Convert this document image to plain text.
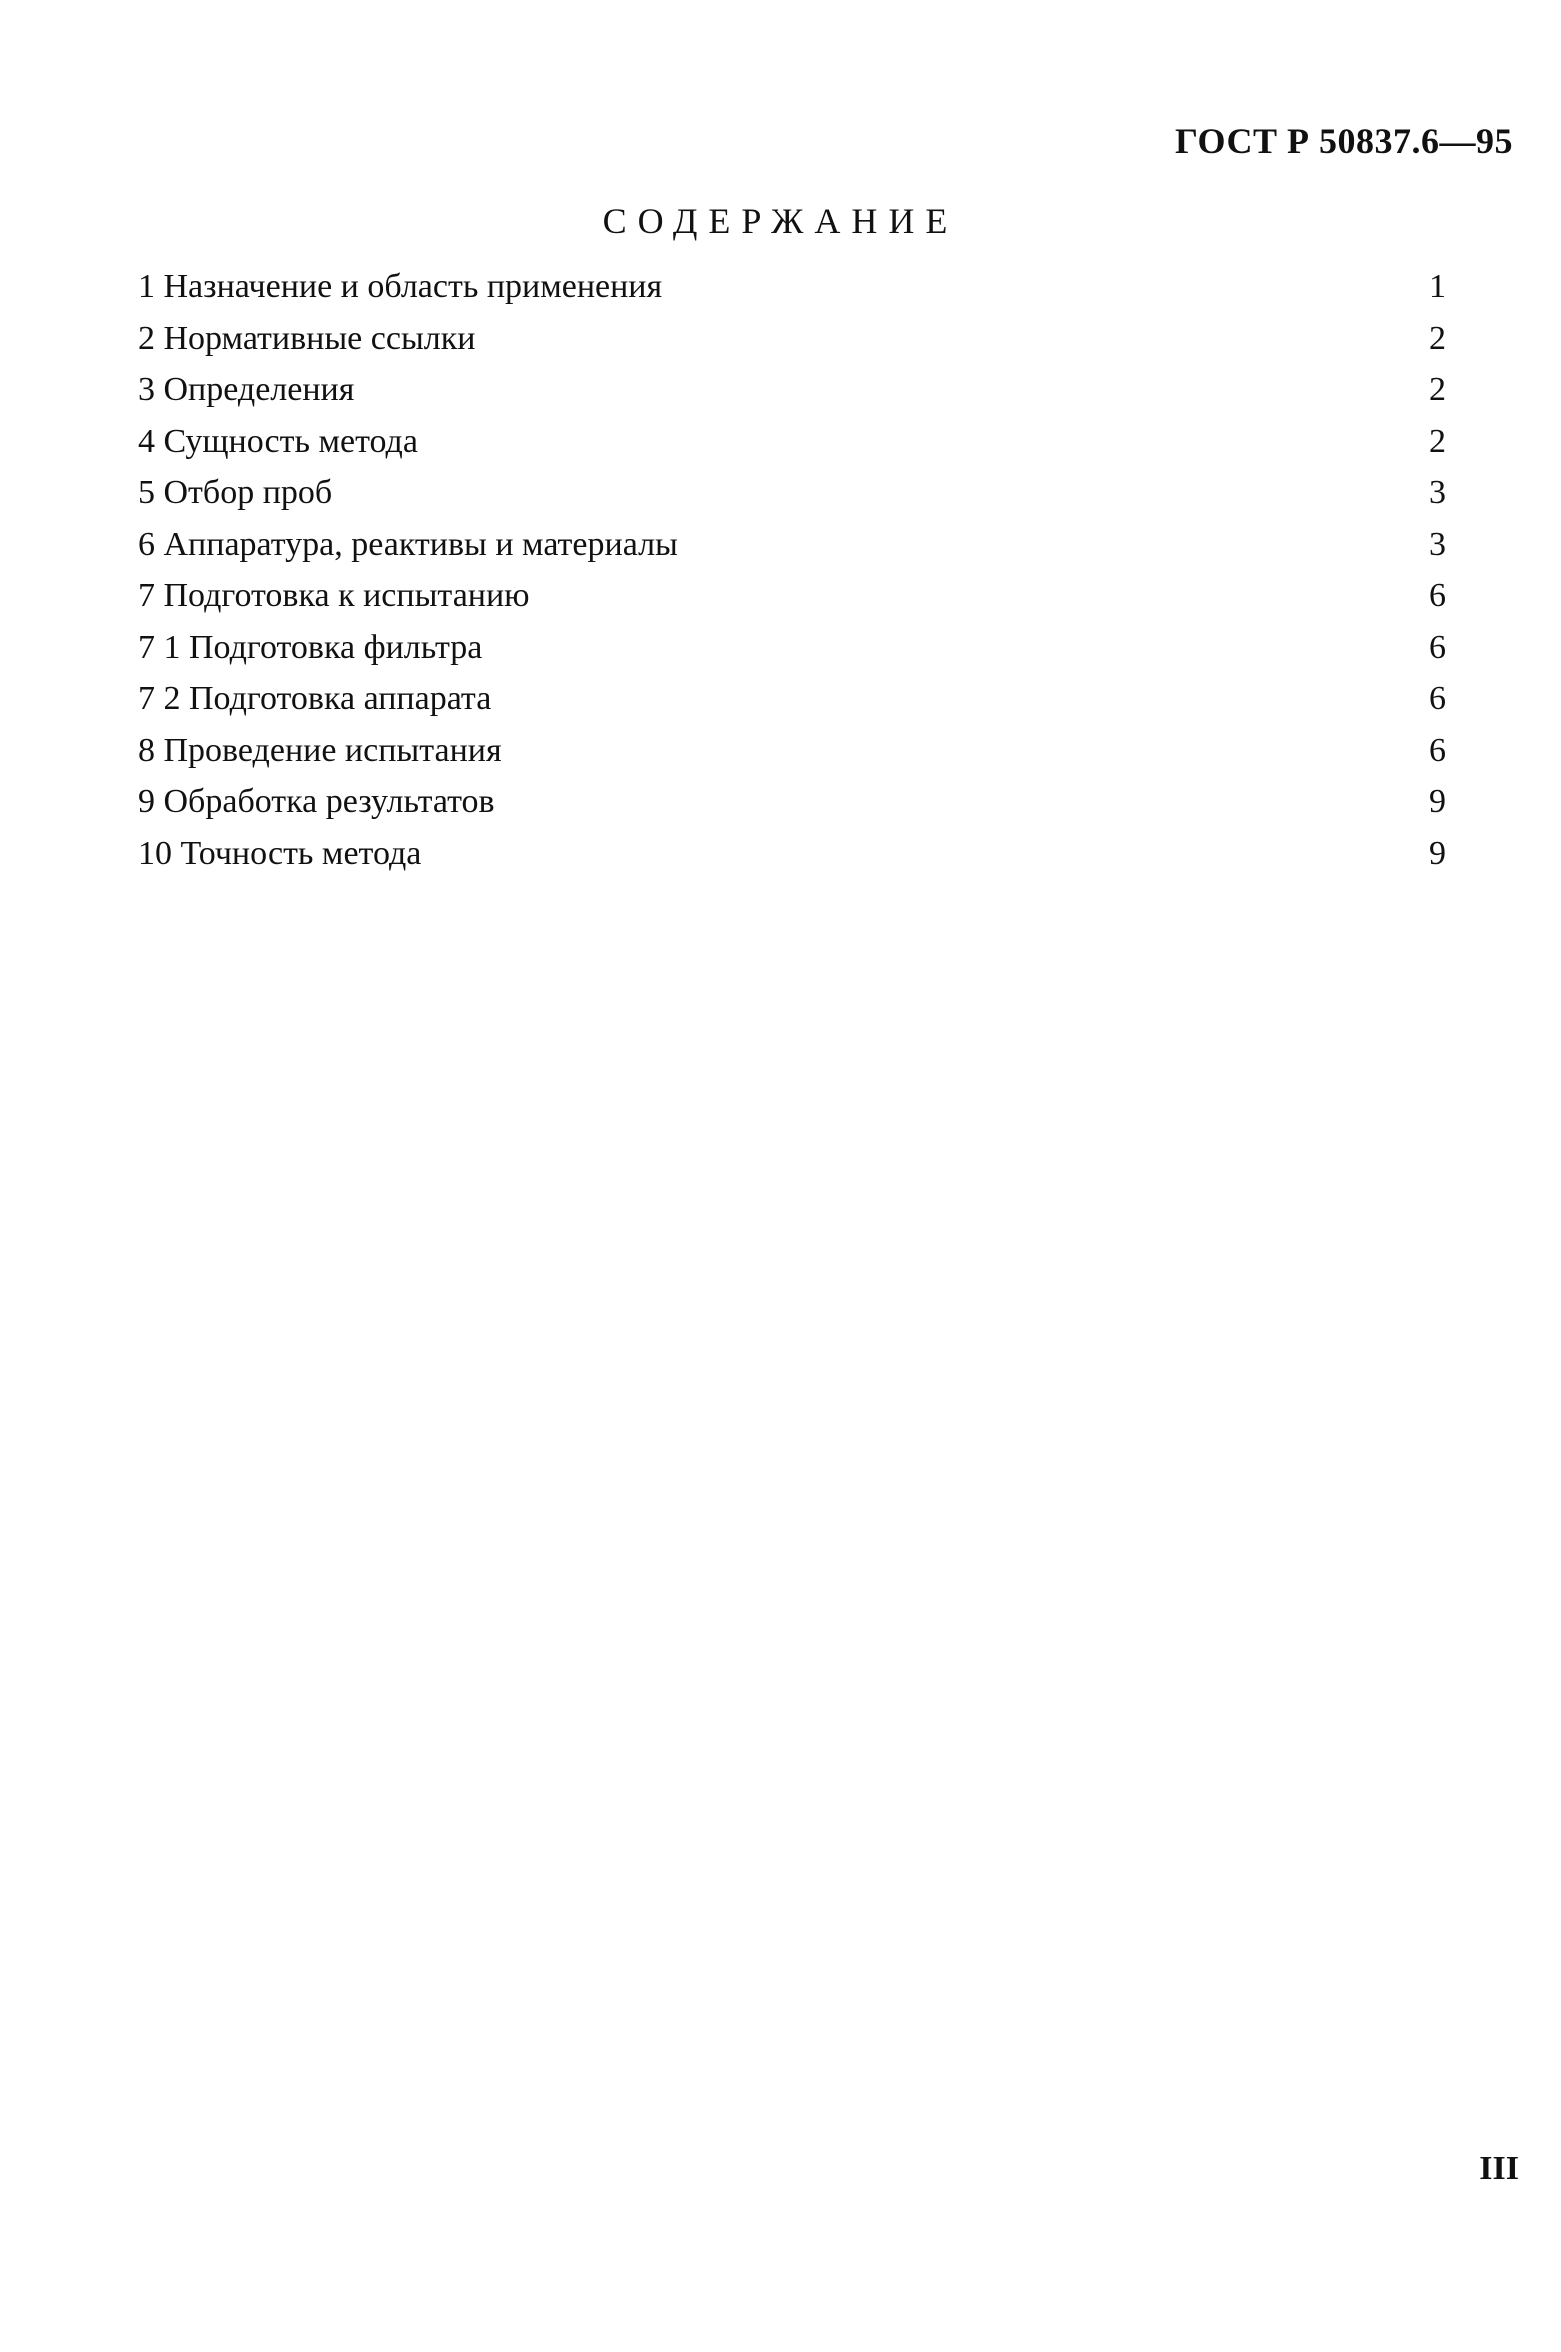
ГОСТ Р 50837.6—95
СОДЕРЖАНИЕ
1 Назначение и область применения	1
2 Нормативные ссылки	2
3 Определения	2
4 Сущность метода	2
5 Отбор проб	3
6 Аппаратура, реактивы и материалы	3
7 Подготовка к испытанию	6
7 1 Подготовка фильтра	6
7 2 Подготовка аппарата	6
8 Проведение испытания	6
9 Обработка результатов	9
10 Точность метода	9
III
